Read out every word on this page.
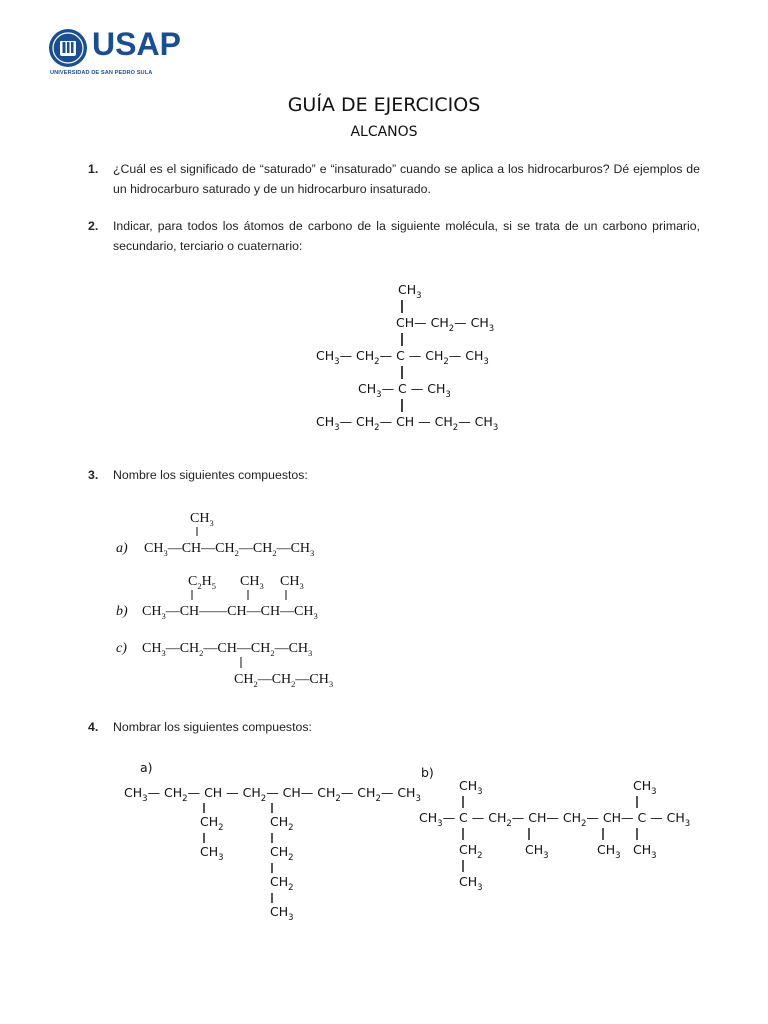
USAP
UNIVERSIDAD DE SAN PEDRO SULA
GUÍA DE EJERCICIOS
ALCANOS
1. ¿Cuál es el significado de “saturado” e “insaturado” cuando se aplica a los hidrocarburos? Dé ejemplos de un hidrocarburo saturado y de un hidrocarburo insaturado.
2. Indicar, para todos los átomos de carbono de la siguiente molécula, si se trata de un carbono primario, secundario, terciario o cuaternario:
$CH_3$
CH— $CH_2—$ $CH_3$
$CH_3—$ $CH_2—$ C — $CH_2—$ $CH_3$
$CH_3—$ C — $CH_3$
$CH_3—$ $CH_2—$ CH — $CH_2—$ $CH_3$
3. Nombre los siguientes compuestos:
$CH_3$
a) $CH_3—CH—CH_2—CH_2—CH_3$
$C_2H_5$ $CH_3$ $CH_3$
b) $CH_3—CH——CH—CH—CH_3$
c) $CH_3—CH_2—CH—CH_2—CH_3$
$CH_2—CH_2—CH_3$
4. Nombrar los siguientes compuestos:
a)
$CH_3—$ $CH_2—$ CH — $CH_2—$ CH— $CH_2—$ $CH_2—$ $CH_3$
$CH_2$	$CH_2$
$CH_3$	$CH_2$
$CH_2$
$CH_3$
b)
$CH_3$	$CH_3$
$CH_3—$ C — $CH_2—$ CH— $CH_2—$ CH— C — $CH_3$
$CH_2$	$CH_3$	$CH_3$ $CH_3$
$CH_3$
